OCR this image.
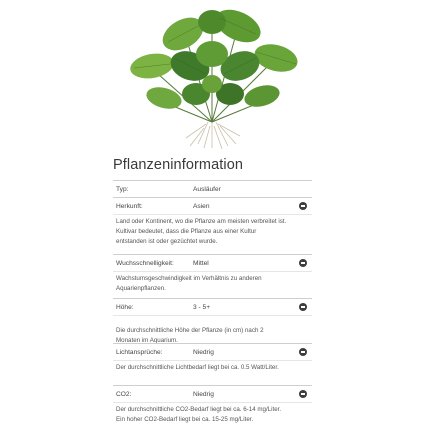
Pflanzeninformation
Typ:	Ausläufer
Herkunft:	Asien
Land oder Kontinent, wo die Pflanze am meisten verbreitet ist. Kultivar bedeutet, dass die Pflanze aus einer Kultur entstanden ist oder gezüchtet wurde.
Wuchsschnelligkeit:	Mittel
Wachstumsgeschwindigkeit im Verhältnis zu anderen Aquarienpflanzen.
Höhe:	3 - 5+
Die durchschnittliche Höhe der Pflanze (in cm) nach 2 Monaten im Aquarium.
Lichtansprüche:	Niedrig
Der durchschnittliche Lichtbedarf liegt bei ca. 0.5 Watt/Liter.
CO2:	Niedrig
Der durchschnittliche CO2-Bedarf liegt bei ca. 6-14 mg/Liter. Ein hoher CO2-Bedarf liegt bei ca. 15-25 mg/Liter.
